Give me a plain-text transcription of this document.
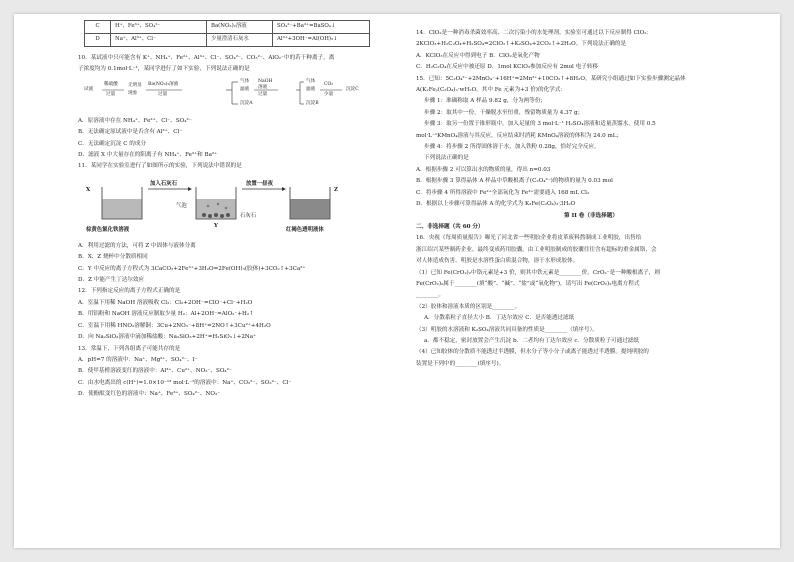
C	H⁺、Fe³⁺、SO₄²⁻	Ba(NO₃)₂溶液	SO₄²⁻+Ba²⁺=BaSO₄↓
D	Na⁺、Al³⁺、Cl⁻	少量澄清石灰水	Al³⁺+3OH⁻=Al(OH)₃↓
10．某试液中只可能含有 K⁺、NH₄⁺、Fe²⁺、Al³⁺、Cl⁻、SO₄²⁻、CO₃²⁻、AlO₂⁻中的若干种离子，离
子浓度均为 0.1mol·L⁻¹，某同学进行了如下实验，下列说法正确的是
试液
稀硫酸
过量
无明显
现象
Ba(NO₃)₂溶液
过量
气体
滤液
沉淀A
NaOH
溶液
过量
气体
滤液
沉淀B
CO₂
少量
沉淀C
A．原溶液中存在 NH₄⁺、Fe²⁺、Cl⁻、SO₄²⁻
B．无法确定原试液中是否含有 Al³⁺、Cl⁻
C．无法确定沉淀 C 的成分
D．滤液 X 中大量存在的阳离子有 NH₄⁺、Fe²⁺和 Ba²⁺
11．某同学在实验室进行了如图所示的实验，下列说法中错误的是
X
Y
Z
加入石灰石	放置一昼夜
气泡
石灰石
棕黄色氯化铁溶液	红褐色透明液体
A．利用过滤的方法，可将 Z 中固体与液体分离
B．X、Z 烧杯中分散质相同
C．Y 中反应的离子方程式为 3CaCO₃+2Fe³⁺+3H₂O=2Fe(OH)₃(胶体)+3CO₂↑+3Ca²⁺
D．Z 中能产生丁达尔效应
12．下列指定反应的离子方程式正确的是
A．室温下用稀 NaOH 溶液吸收 Cl₂：Cl₂+2OH⁻=ClO⁻+Cl⁻+H₂O
B．用铝粉和 NaOH 溶液反应制取少量 H₂：Al+2OH⁻=AlO₂⁻+H₂↑
C．室温下用稀 HNO₃溶解铜：3Cu+2NO₃⁻+8H⁺=2NO↑+3Cu²⁺+4H₂O
D．向 Na₂SiO₃溶液中滴加稀盐酸：Na₂SiO₃+2H⁺=H₂SiO₃↓+2Na⁺
13．常温下，下列各组离子可能共存的是
A．pH=7 的溶液中：Na⁺、Mg²⁺、SO₄²⁻、I⁻
B．使甲基橙溶液变红的溶液中：Al³⁺、Cu²⁺、NO₃⁻、SO₄²⁻
C．由水电离出的 c(H⁺)=1.0×10⁻¹³ mol·L⁻¹的溶液中：Na⁺、CO₃²⁻、SO₃²⁻、Cl⁻
D．使酚酞变红色的溶液中：Na⁺、Fe³⁺、SO₄²⁻、NO₃⁻
14．ClO₂是一种消毒杀菌效率高、二次污染小的水处理剂。实验室可通过以下反应制得 ClO₂：
2KClO₃+H₂C₂O₄+H₂SO₄=2ClO₂↑+K₂SO₄+2CO₂↑+2H₂O。下列说法正确的是
A．KClO₃在反应中得到电子 B．ClO₂是氧化产物
C．H₂C₂O₄在反应中被还原 D．1mol KClO₃参加反应有 2mol 电子转移
15．已知：5C₂O₄²⁻+2MnO₄⁻+16H⁺=2Mn²⁺+10CO₂↑+8H₂O。某研究小组通过如下实验步骤测定晶体
A(KₓFeᵧ(C₂O₄)ₙ·wH₂O，其中 Fe 元素为+3 价)的化学式：
步骤 1：准确称取 A 样品 9.82 g，分为两等份；
步骤 2：取其中一份，干燥脱水至恒重，残留物质量为 4.37 g；
步骤 3：取另一份置于锥形瓶中，加入足量的 3 mol·L⁻¹ H₂SO₄溶液和适量蒸馏水，使用 0.5
mol·L⁻¹KMnO₄溶液与其反应，反应结束时消耗 KMnO₄溶液的体积为 24.0 mL；
步骤 4：将步骤 2 所得固体溶于水，加入铁粉 0.28g，恰好完全反应。
下列说法正确的是
A．根据步骤 2 可以算出水的物质的量，得出 n=0.03
B．根据步骤 3 算得晶体 A 样品中草酸根离子(C₂O₄²⁻)的物质的量为 0.03 mol
C．将步骤 4 所得溶液中 Fe²⁺全部氧化为 Fe³⁺需要通入 168 mL Cl₂
D．根据以上步骤可算得晶体 A 的化学式为 K₃Fe(C₂O₄)₃·3H₂O
第 II 卷（非选择题）
二、非选择题（共 60 分）
16．央视《每周质量报告》曝光了河北省一些明胶企业将皮革废料熬制成工业明胶，出售给
浙江绍兴某些制药企业，最终变成药用胶囊。由工业明胶制成的胶囊往往含有超标的重金属铬，会
对人体造成伤害。明胶是水溶性蛋白质混合物，溶于水形成胶体。
（1）已知 Fe(CrO₂)₂中铬元素是+3 价，则其中铁元素是________价。CrO₂⁻是一种酸根离子，则
Fe(CrO₂)₂属于________(填“酸”、“碱”、“盐”或“氧化物”)，请写出 Fe(CrO₂)₂电离方程式
________。
（2）胶体和溶液本质的区别是________。
A．分散系粒子直径大小 B．丁达尔效应 C．是否能透过滤纸
（3）明胶的水溶液和 K₂SO₄溶液共同具备的性质是________（填序号）。
a．都不稳定，密封放置会产生沉淀 b．二者均有丁达尔效应 c．分散质粒子可通过滤纸
（4）已知胶体的分散质不能透过半透膜，但水分子等小分子或离子能透过半透膜。提纯明胶的
装置是下列中的________(填序号)。
